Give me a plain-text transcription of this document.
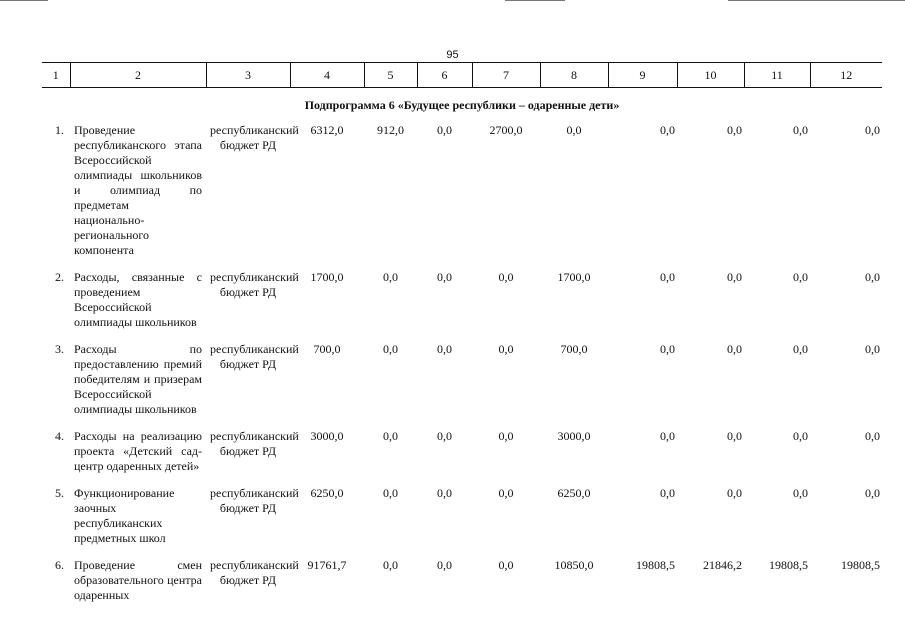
95
1	2	3	4	5	6	7	8	9	10	11	12
Подпрограмма 6 «Будущее республики – одаренные дети»											
1.	Проведение республиканского этапа Всероссийской олимпиады школьников и олимпиад по предметам национально-регионального компонента	республиканский бюджет РД	6312,0	912,0	0,0	2700,0	0,0	0,0	0,0	0,0	0,0
2.	Расходы, связанные с проведением Всероссийской олимпиады школьников	республиканский бюджет РД	1700,0	0,0	0,0	0,0	1700,0	0,0	0,0	0,0	0,0
3.	Расходы по предоставлению премий победителям и призерам Всероссийской олимпиады школьников	республиканский бюджет РД	700,0	0,0	0,0	0,0	700,0	0,0	0,0	0,0	0,0
4.	Расходы на реализацию проекта «Детский сад-центр одаренных детей»	республиканский бюджет РД	3000,0	0,0	0,0	0,0	3000,0	0,0	0,0	0,0	0,0
5.	Функционирование заочных республиканских предметных школ	республиканский бюджет РД	6250,0	0,0	0,0	0,0	6250,0	0,0	0,0	0,0	0,0
6.	Проведение смен образовательного центра одаренных	республиканский бюджет РД	91761,7	0,0	0,0	0,0	10850,0	19808,5	21846,2	19808,5	19808,5
